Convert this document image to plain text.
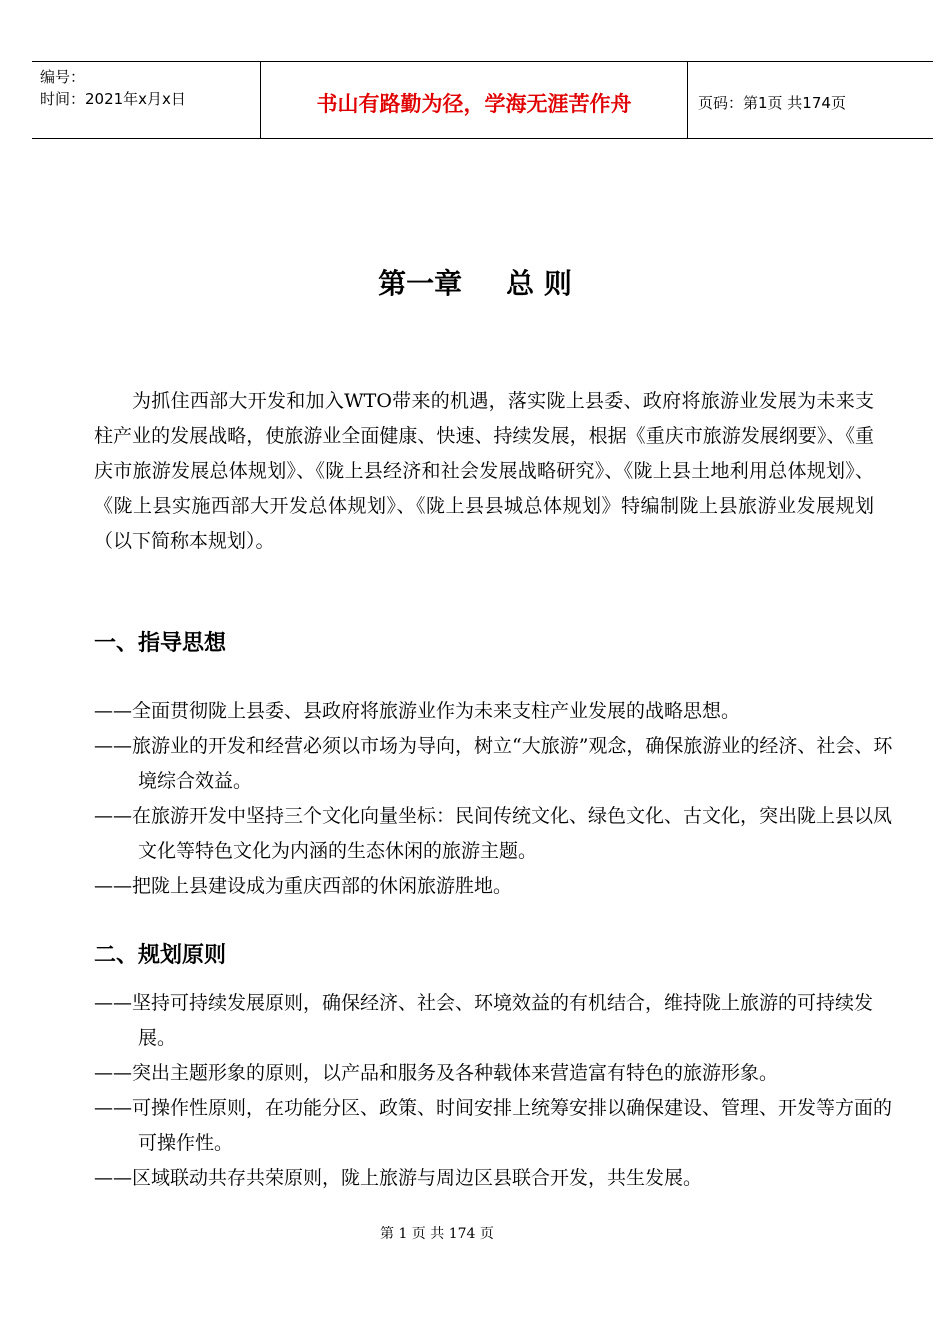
编号：
时间：2021年x月x日	书山有路勤为径，学海无涯苦作舟	页码：第1页 共174页
第一章 总 则

为抓住西部大开发和加入WTO带来的机遇，落实陇上县委、政府将旅游业发展为未来支柱产业的发展战略，使旅游业全面健康、快速、持续发展，根据《重庆市旅游发展纲要》、《重庆市旅游发展总体规划》、《陇上县经济和社会发展战略研究》、《陇上县土地利用总体规划》、《陇上县实施西部大开发总体规划》、《陇上县县城总体规划》特编制陇上县旅游业发展规划（以下简称本规划）。

一、指导思想
——全面贯彻陇上县委、县政府将旅游业作为未来支柱产业发展的战略思想。
——旅游业的开发和经营必须以市场为导向，树立“大旅游”观念，确保旅游业的经济、社会、环境综合效益。
——在旅游开发中坚持三个文化向量坐标：民间传统文化、绿色文化、古文化，突出陇上县以凤文化等特色文化为内涵的生态休闲的旅游主题。
——把陇上县建设成为重庆西部的休闲旅游胜地。
二、规划原则
——坚持可持续发展原则，确保经济、社会、环境效益的有机结合，维持陇上旅游的可持续发展。
——突出主题形象的原则，以产品和服务及各种载体来营造富有特色的旅游形象。
——可操作性原则，在功能分区、政策、时间安排上统筹安排以确保建设、管理、开发等方面的可操作性。
——区域联动共存共荣原则，陇上旅游与周边区县联合开发，共生发展。
第 1 页 共 174 页
